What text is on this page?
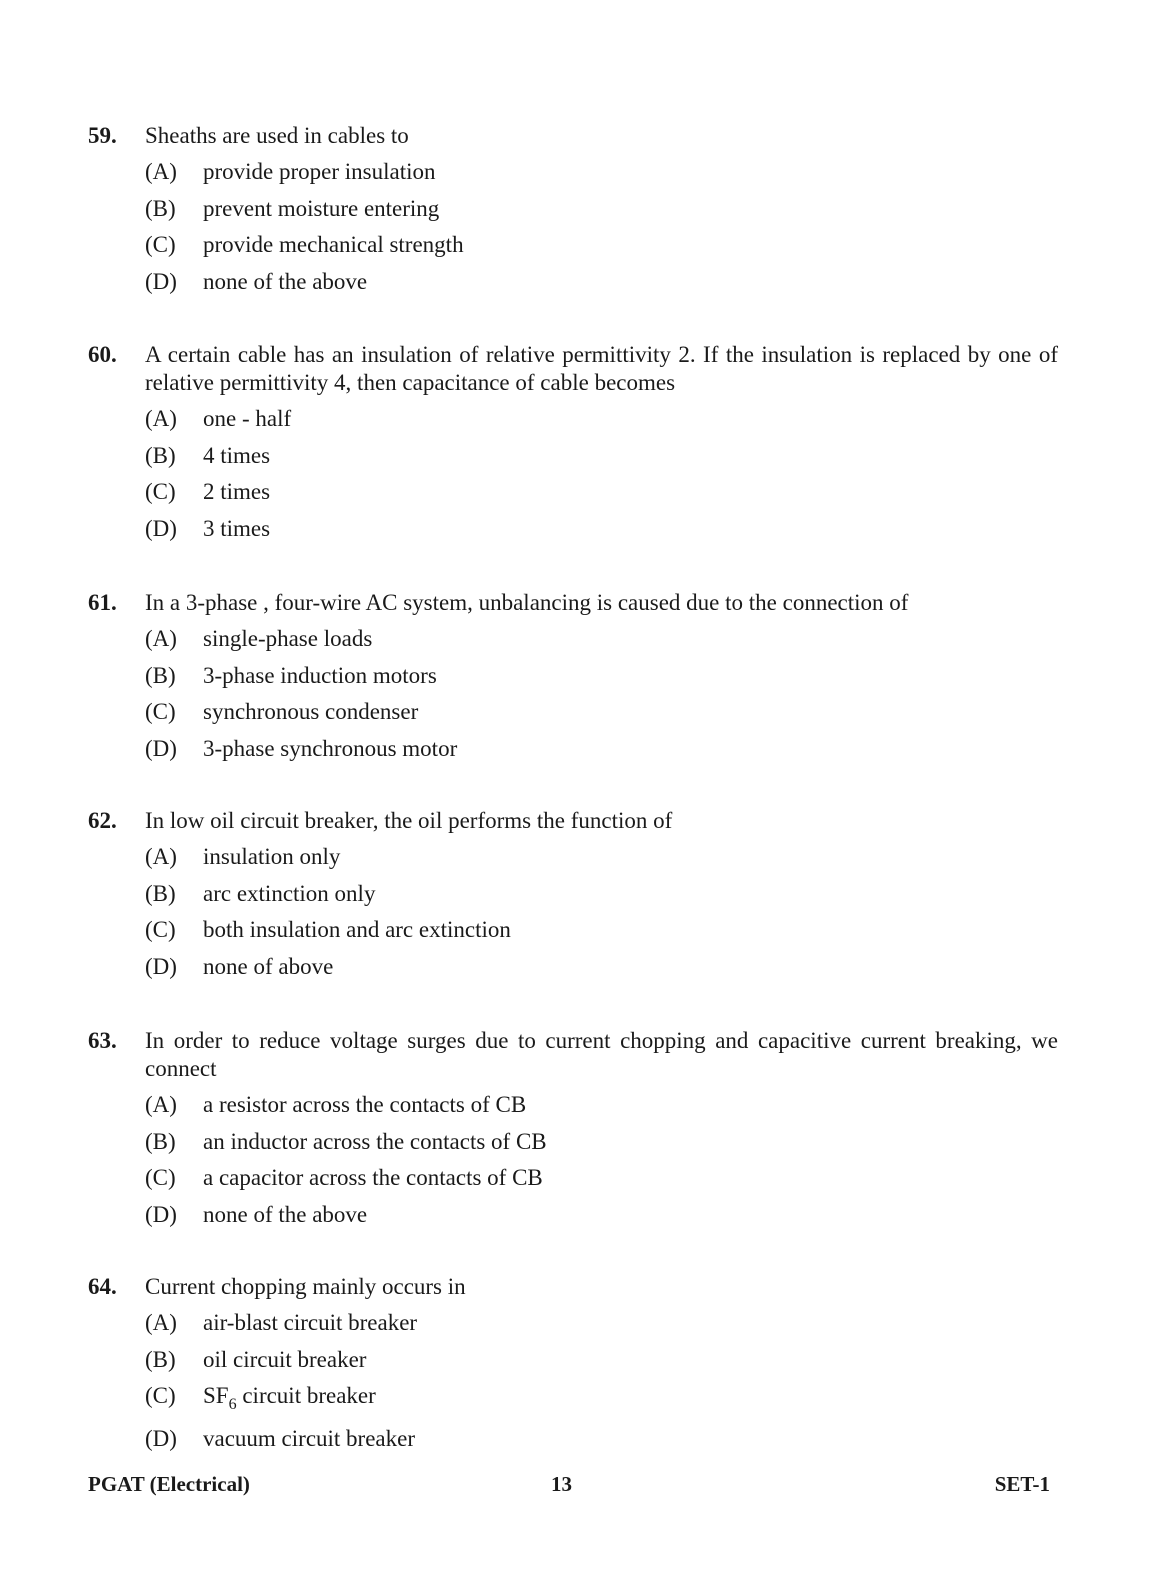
59. Sheaths are used in cables to
(A) provide proper insulation
(B) prevent moisture entering
(C) provide mechanical strength
(D) none of the above
60. A certain cable has an insulation of relative permittivity 2. If the insulation is replaced by one of relative permittivity 4, then capacitance of cable becomes
(A) one - half
(B) 4 times
(C) 2 times
(D) 3 times
61. In a 3-phase , four-wire AC system, unbalancing is caused due to the connection of
(A) single-phase loads
(B) 3-phase induction motors
(C) synchronous condenser
(D) 3-phase synchronous motor
62. In low oil circuit breaker, the oil performs the function of
(A) insulation only
(B) arc extinction only
(C) both insulation and arc extinction
(D) none of above
63. In order to reduce voltage surges due to current chopping and capacitive current breaking, we connect
(A) a resistor across the contacts of CB
(B) an inductor across the contacts of CB
(C) a capacitor across the contacts of CB
(D) none of the above
64. Current chopping mainly occurs in
(A) air-blast circuit breaker
(B) oil circuit breaker
(C) $SF_6$ circuit breaker
(D) vacuum circuit breaker
PGAT (Electrical)	13	SET-1
